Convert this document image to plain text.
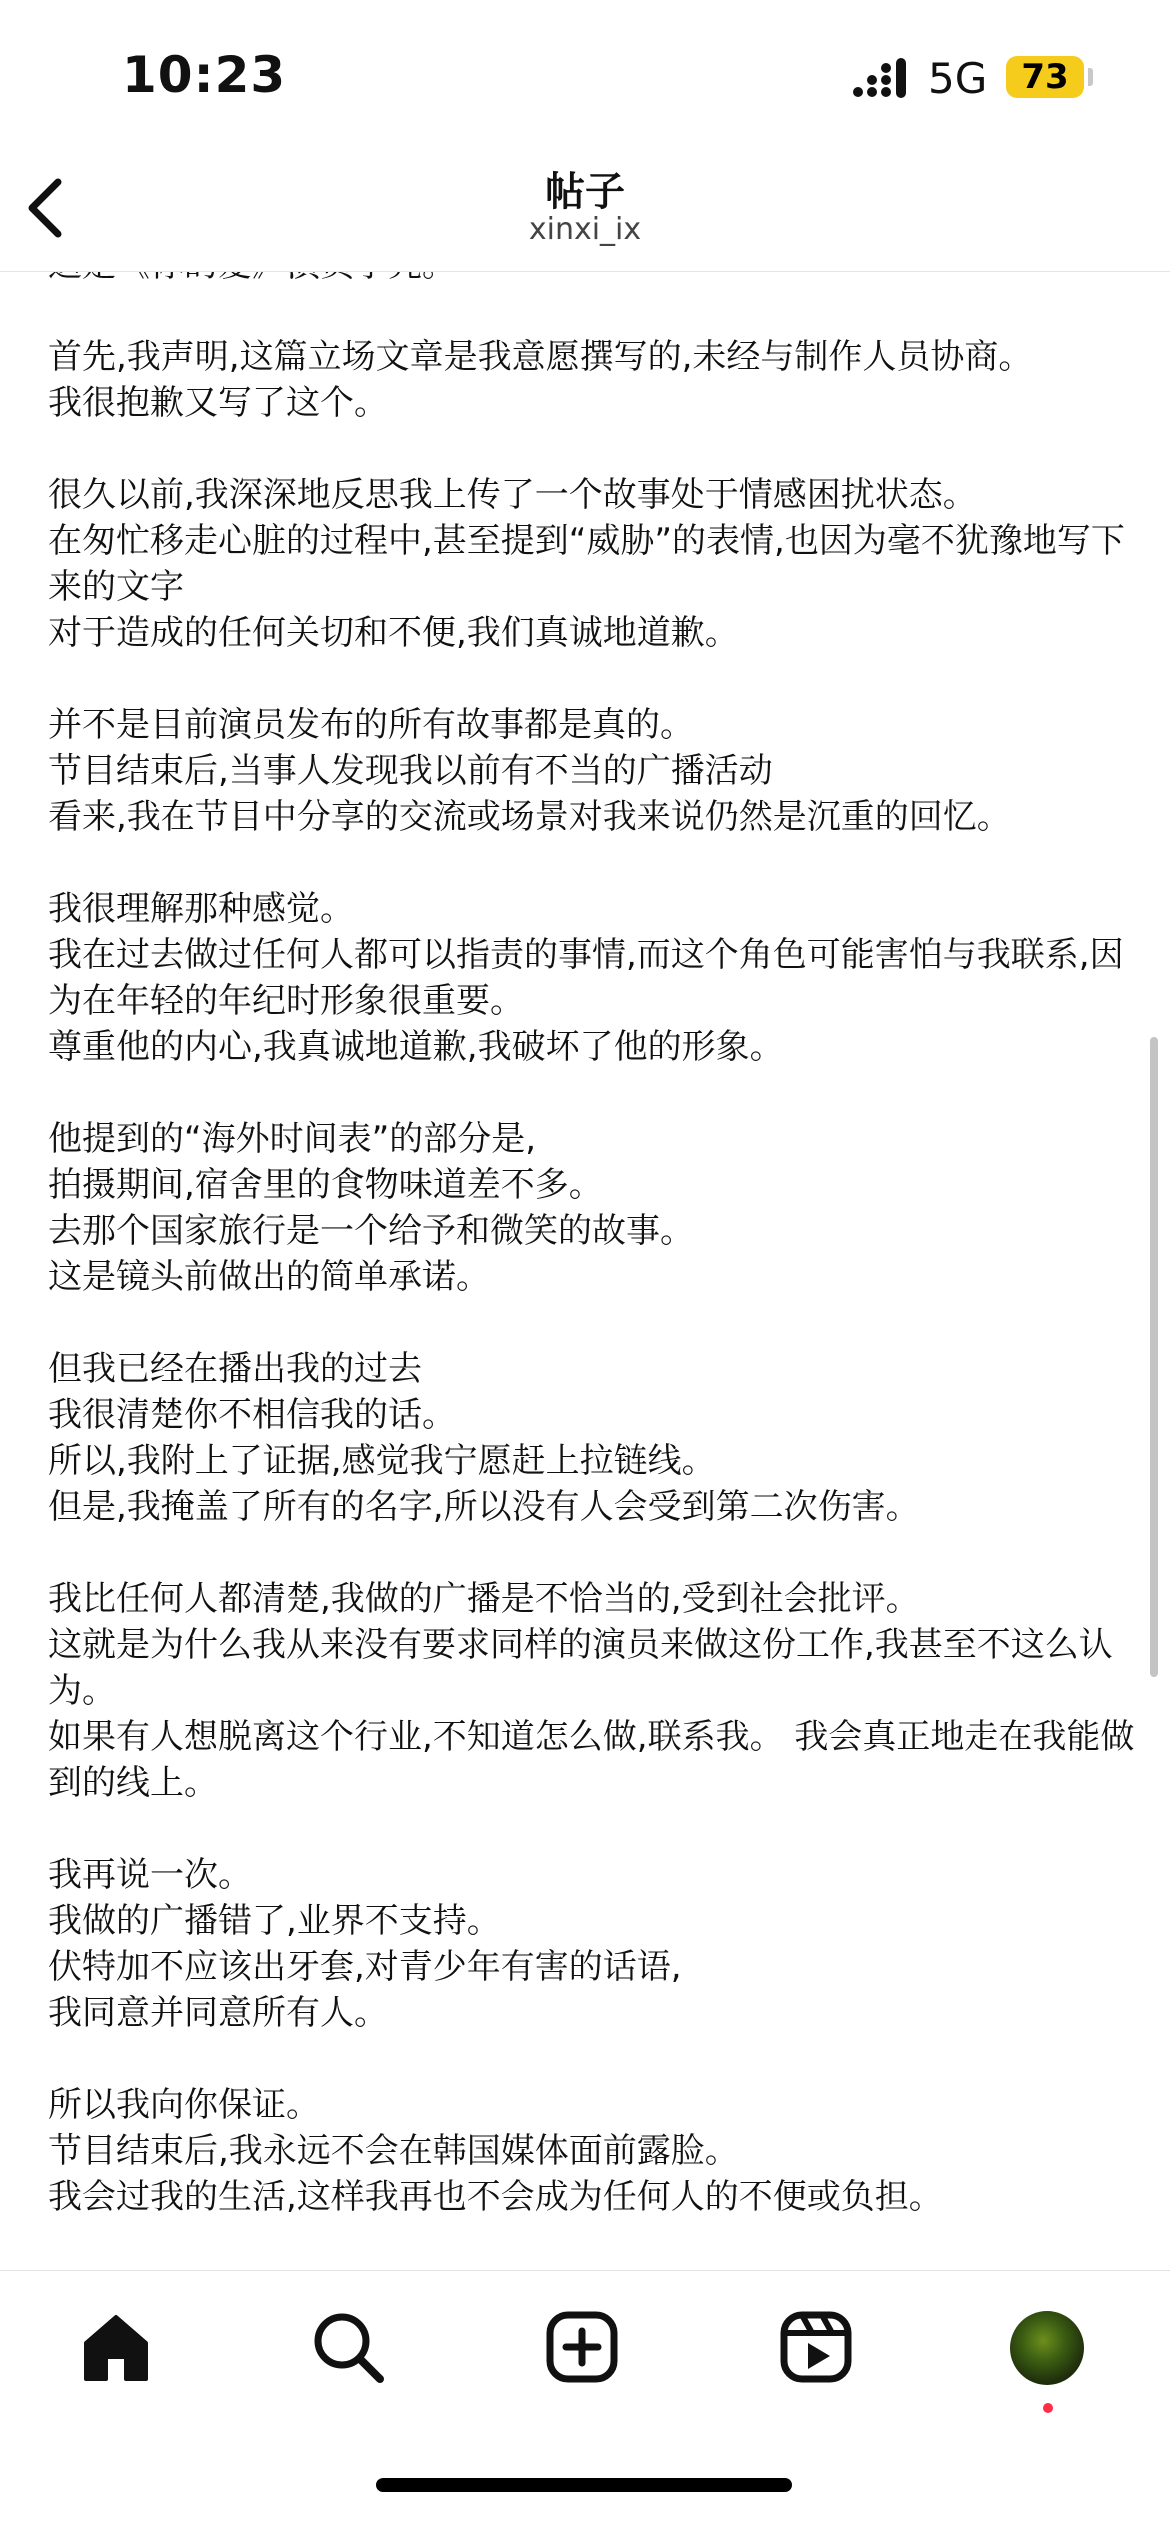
10:23	5G	73
帖子
xinxi_ix

首先,我声明,这篇立场文章是我意愿撰写的,未经与制作人员协商。
我很抱歉又写了这个。

很久以前,我深深地反思我上传了一个故事处于情感困扰状态。
在匆忙移走心脏的过程中,甚至提到“威胁”的表情,也因为毫不犹豫地写下来的文字
对于造成的任何关切和不便,我们真诚地道歉。

并不是目前演员发布的所有故事都是真的。
节目结束后,当事人发现我以前有不当的广播活动
看来,我在节目中分享的交流或场景对我来说仍然是沉重的回忆。

我很理解那种感觉。
我在过去做过任何人都可以指责的事情,而这个角色可能害怕与我联系,因为在年轻的年纪时形象很重要。
尊重他的内心,我真诚地道歉,我破坏了他的形象。

他提到的“海外时间表”的部分是,
拍摄期间,宿舍里的食物味道差不多。
去那个国家旅行是一个给予和微笑的故事。
这是镜头前做出的简单承诺。

但我已经在播出我的过去
我很清楚你不相信我的话。
所以,我附上了证据,感觉我宁愿赶上拉链线。
但是,我掩盖了所有的名字,所以没有人会受到第二次伤害。

我比任何人都清楚,我做的广播是不恰当的,受到社会批评。
这就是为什么我从来没有要求同样的演员来做这份工作,我甚至不这么认为。
如果有人想脱离这个行业,不知道怎么做,联系我。 我会真正地走在我能做到的线上。

我再说一次。
我做的广播错了,业界不支持。
伏特加不应该出牙套,对青少年有害的话语,
我同意并同意所有人。

所以我向你保证。
节目结束后,我永远不会在韩国媒体面前露脸。
我会过我的生活,这样我再也不会成为任何人的不便或负担。
